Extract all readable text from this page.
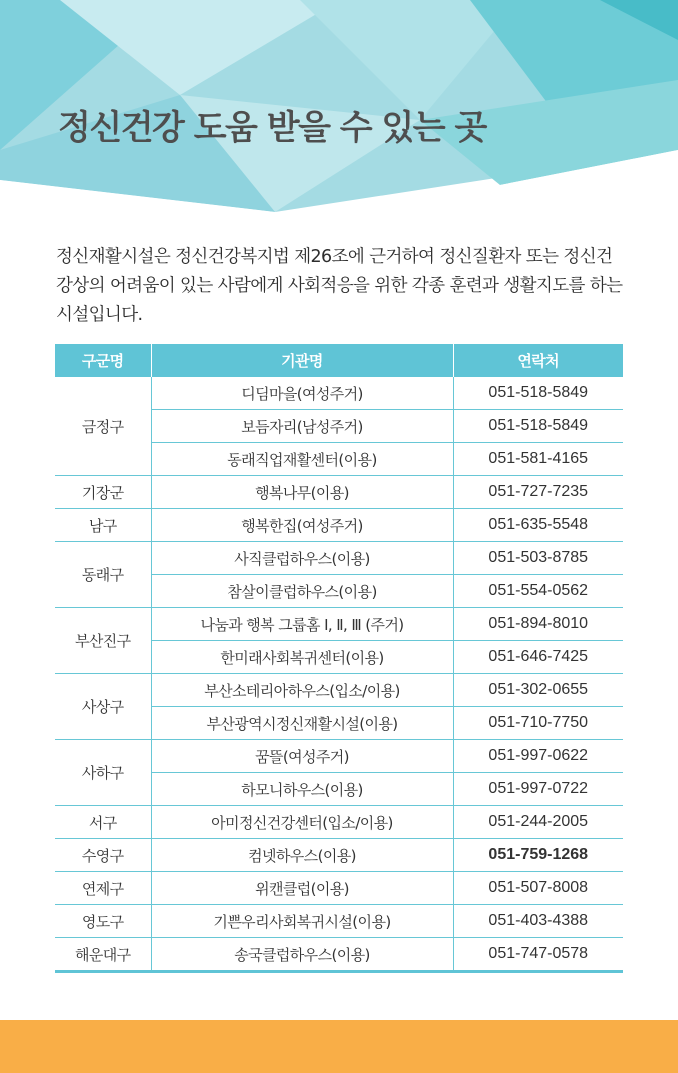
정신건강 도움 받을 수 있는 곳

정신재활시설은 정신건강복지법 제26조에 근거하여 정신질환자 또는 정신건강상의 어려움이 있는 사람에게 사회적응을 위한 각종 훈련과 생활지도를 하는 시설입니다.

구군명	기관명	연락처
금정구	디딤마을(여성주거)	051-518-5849
	보듬자리(남성주거)	051-518-5849
	동래직업재활센터(이용)	051-581-4165
기장군	행복나무(이용)	051-727-7235
남구	행복한집(여성주거)	051-635-5548
동래구	사직클럽하우스(이용)	051-503-8785
	참살이클럽하우스(이용)	051-554-0562
부산진구	나눔과 행복 그룹홈 Ⅰ, Ⅱ, Ⅲ (주거)	051-894-8010
	한미래사회복귀센터(이용)	051-646-7425
사상구	부산소테리아하우스(입소/이용)	051-302-0655
	부산광역시정신재활시설(이용)	051-710-7750
사하구	꿈뜰(여성주거)	051-997-0622
	하모니하우스(이용)	051-997-0722
서구	아미정신건강센터(입소/이용)	051-244-2005
수영구	컴넷하우스(이용)	051-759-1268
연제구	위캔클럽(이용)	051-507-8008
영도구	기쁜우리사회복귀시설(이용)	051-403-4388
해운대구	송국클럽하우스(이용)	051-747-0578
